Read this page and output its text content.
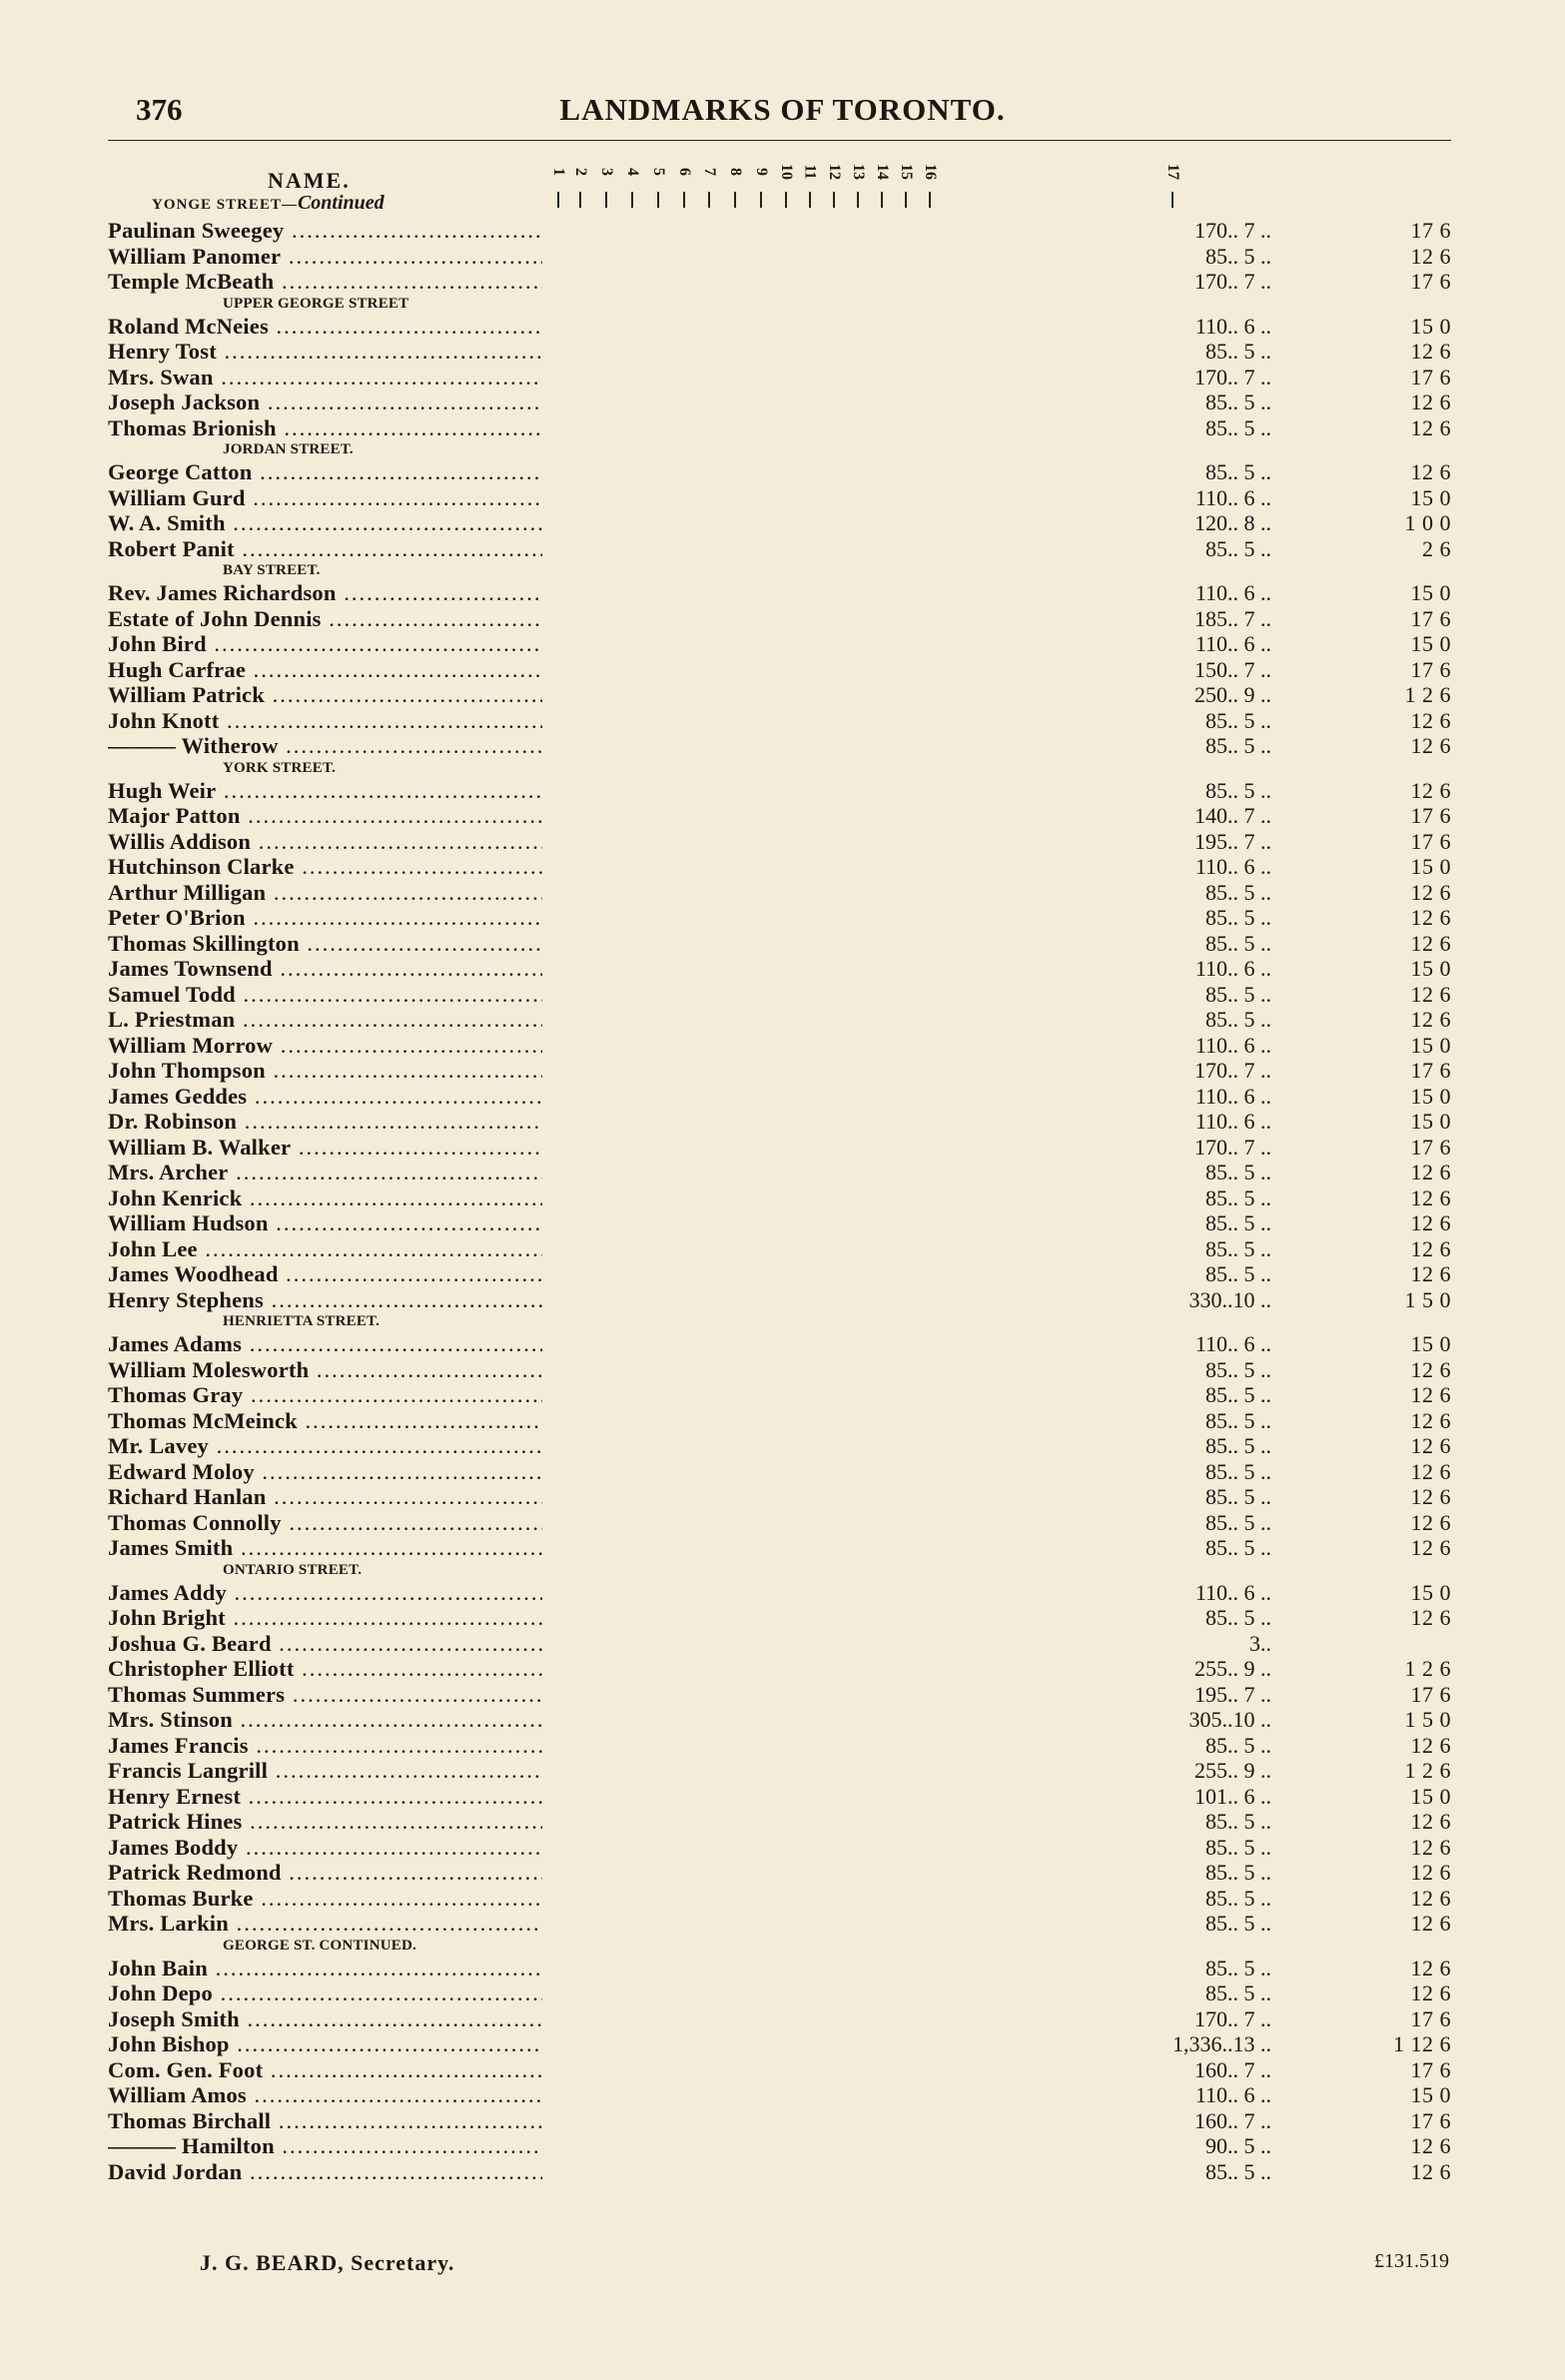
376	LANDMARKS OF TORONTO.
NAME.
YONGE STREET—Continued
1 2 3 4 5 6 7 8 9 10 11 12 13 14 15 16	17
Paulinan Sweegey .....	170.. 7 ..	17 6
William Panomer .....	85.. 5 ..	12 6
Temple McBeath .....	170.. 7 ..	17 6
UPPER GEORGE STREET
Roland McNeies .....	110.. 6 ..	15 0
Henry Tost .....	85.. 5 ..	12 6
Mrs. Swan .....	170.. 7 ..	17 6
Joseph Jackson .....	85.. 5 ..	12 6
Thomas Brionish .....	85.. 5 ..	12 6
JORDAN STREET.
George Catton .....	85.. 5 ..	12 6
William Gurd .....	110.. 6 ..	15 0
W. A. Smith .....	120.. 8 ..	1 0 0
Robert Panit .....	85.. 5 ..	2 6
BAY STREET.
Rev. James Richardson .....	110.. 6 ..	15 0
Estate of John Dennis .....	185.. 7 ..	17 6
John Bird .....	110.. 6 ..	15 0
Hugh Carfrae .....	150.. 7 ..	17 6
William Patrick .....	250.. 9 ..	1 2 6
John Knott .....	85.. 5 ..	12 6
——— Witherow .....	85.. 5 ..	12 6
YORK STREET.
Hugh Weir .....	85.. 5 ..	12 6
Major Patton .....	140.. 7 ..	17 6
Willis Addison .....	195.. 7 ..	17 6
Hutchinson Clarke .....	110.. 6 ..	15 0
Arthur Milligan .....	85.. 5 ..	12 6
Peter O'Brion .....	85.. 5 ..	12 6
Thomas Skillington .....	85.. 5 ..	12 6
James Townsend .....	110.. 6 ..	15 0
Samuel Todd .....	85.. 5 ..	12 6
L. Priestman .....	85.. 5 ..	12 6
William Morrow .....	110.. 6 ..	15 0
John Thompson .....	170.. 7 ..	17 6
James Geddes .....	110.. 6 ..	15 0
Dr. Robinson .....	110.. 6 ..	15 0
William B. Walker .....	170.. 7 ..	17 6
Mrs. Archer .....	85.. 5 ..	12 6
John Kenrick .....	85.. 5 ..	12 6
William Hudson .....	85.. 5 ..	12 6
John Lee .....	85.. 5 ..	12 6
James Woodhead .....	85.. 5 ..	12 6
Henry Stephens .....	330..10 ..	1 5 0
HENRIETTA STREET.
James Adams .....	110.. 6 ..	15 0
William Molesworth .....	85.. 5 ..	12 6
Thomas Gray .....	85.. 5 ..	12 6
Thomas McMeinck .....	85.. 5 ..	12 6
Mr. Lavey .....	85.. 5 ..	12 6
Edward Moloy .....	85.. 5 ..	12 6
Richard Hanlan .....	85.. 5 ..	12 6
Thomas Connolly .....	85.. 5 ..	12 6
James Smith .....	85.. 5 ..	12 6
ONTARIO STREET.
James Addy .....	110.. 6 ..	15 0
John Bright .....	85.. 5 ..	12 6
Joshua G. Beard .....	3..
Christopher Elliott .....	255.. 9 ..	1 2 6
Thomas Summers .....	195.. 7 ..	17 6
Mrs. Stinson .....	305..10 ..	1 5 0
James Francis .....	85.. 5 ..	12 6
Francis Langrill .....	255.. 9 ..	1 2 6
Henry Ernest .....	101.. 6 ..	15 0
Patrick Hines .....	85.. 5 ..	12 6
James Boddy .....	85.. 5 ..	12 6
Patrick Redmond .....	85.. 5 ..	12 6
Thomas Burke .....	85.. 5 ..	12 6
Mrs. Larkin .....	85.. 5 ..	12 6
GEORGE ST. CONTINUED.
John Bain .....	85.. 5 ..	12 6
John Depo .....	85.. 5 ..	12 6
Joseph Smith .....	170.. 7 ..	17 6
John Bishop .....	1,336..13 ..	1 12 6
Com. Gen. Foot .....	160.. 7 ..	17 6
William Amos .....	110.. 6 ..	15 0
Thomas Birchall .....	160.. 7 ..	17 6
——— Hamilton .....	90.. 5 ..	12 6
David Jordan .....	85.. 5 ..	12 6
J. G. BEARD, Secretary.	£131.519
